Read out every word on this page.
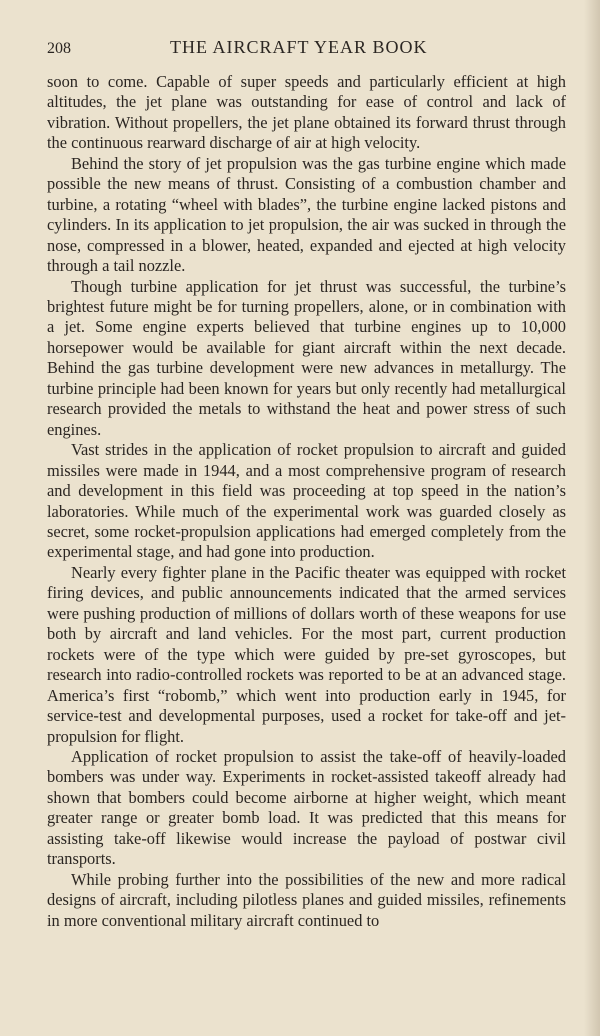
208	THE AIRCRAFT YEAR BOOK

soon to come. Capable of super speeds and particularly efficient at high altitudes, the jet plane was outstanding for ease of control and lack of vibration. Without propellers, the jet plane obtained its forward thrust through the continuous rearward discharge of air at high velocity.

Behind the story of jet propulsion was the gas turbine engine which made possible the new means of thrust. Consisting of a combustion chamber and turbine, a rotating “wheel with blades”, the turbine engine lacked pistons and cylinders. In its application to jet propulsion, the air was sucked in through the nose, compressed in a blower, heated, expanded and ejected at high velocity through a tail nozzle.

Though turbine application for jet thrust was successful, the turbine’s brightest future might be for turning propellers, alone, or in combination with a jet. Some engine experts believed that turbine engines up to 10,000 horsepower would be available for giant aircraft within the next decade. Behind the gas turbine development were new advances in metallurgy. The turbine principle had been known for years but only recently had metallurgical research provided the metals to withstand the heat and power stress of such engines.

Vast strides in the application of rocket propulsion to aircraft and guided missiles were made in 1944, and a most comprehensive program of research and development in this field was proceeding at top speed in the nation’s laboratories. While much of the experimental work was guarded closely as secret, some rocket-propulsion applications had emerged completely from the experimental stage, and had gone into production.

Nearly every fighter plane in the Pacific theater was equipped with rocket firing devices, and public announcements indicated that the armed services were pushing production of millions of dollars worth of these weapons for use both by aircraft and land vehicles. For the most part, current production rockets were of the type which were guided by pre-set gyroscopes, but research into radio-controlled rockets was reported to be at an advanced stage. America’s first “robomb,” which went into production early in 1945, for service-test and developmental purposes, used a rocket for take-off and jet-propulsion for flight.

Application of rocket propulsion to assist the take-off of heavily-loaded bombers was under way. Experiments in rocket-assisted takeoff already had shown that bombers could become airborne at higher weight, which meant greater range or greater bomb load. It was predicted that this means for assisting take-off likewise would increase the payload of postwar civil transports.

While probing further into the possibilities of the new and more radical designs of aircraft, including pilotless planes and guided missiles, refinements in more conventional military aircraft continued to
